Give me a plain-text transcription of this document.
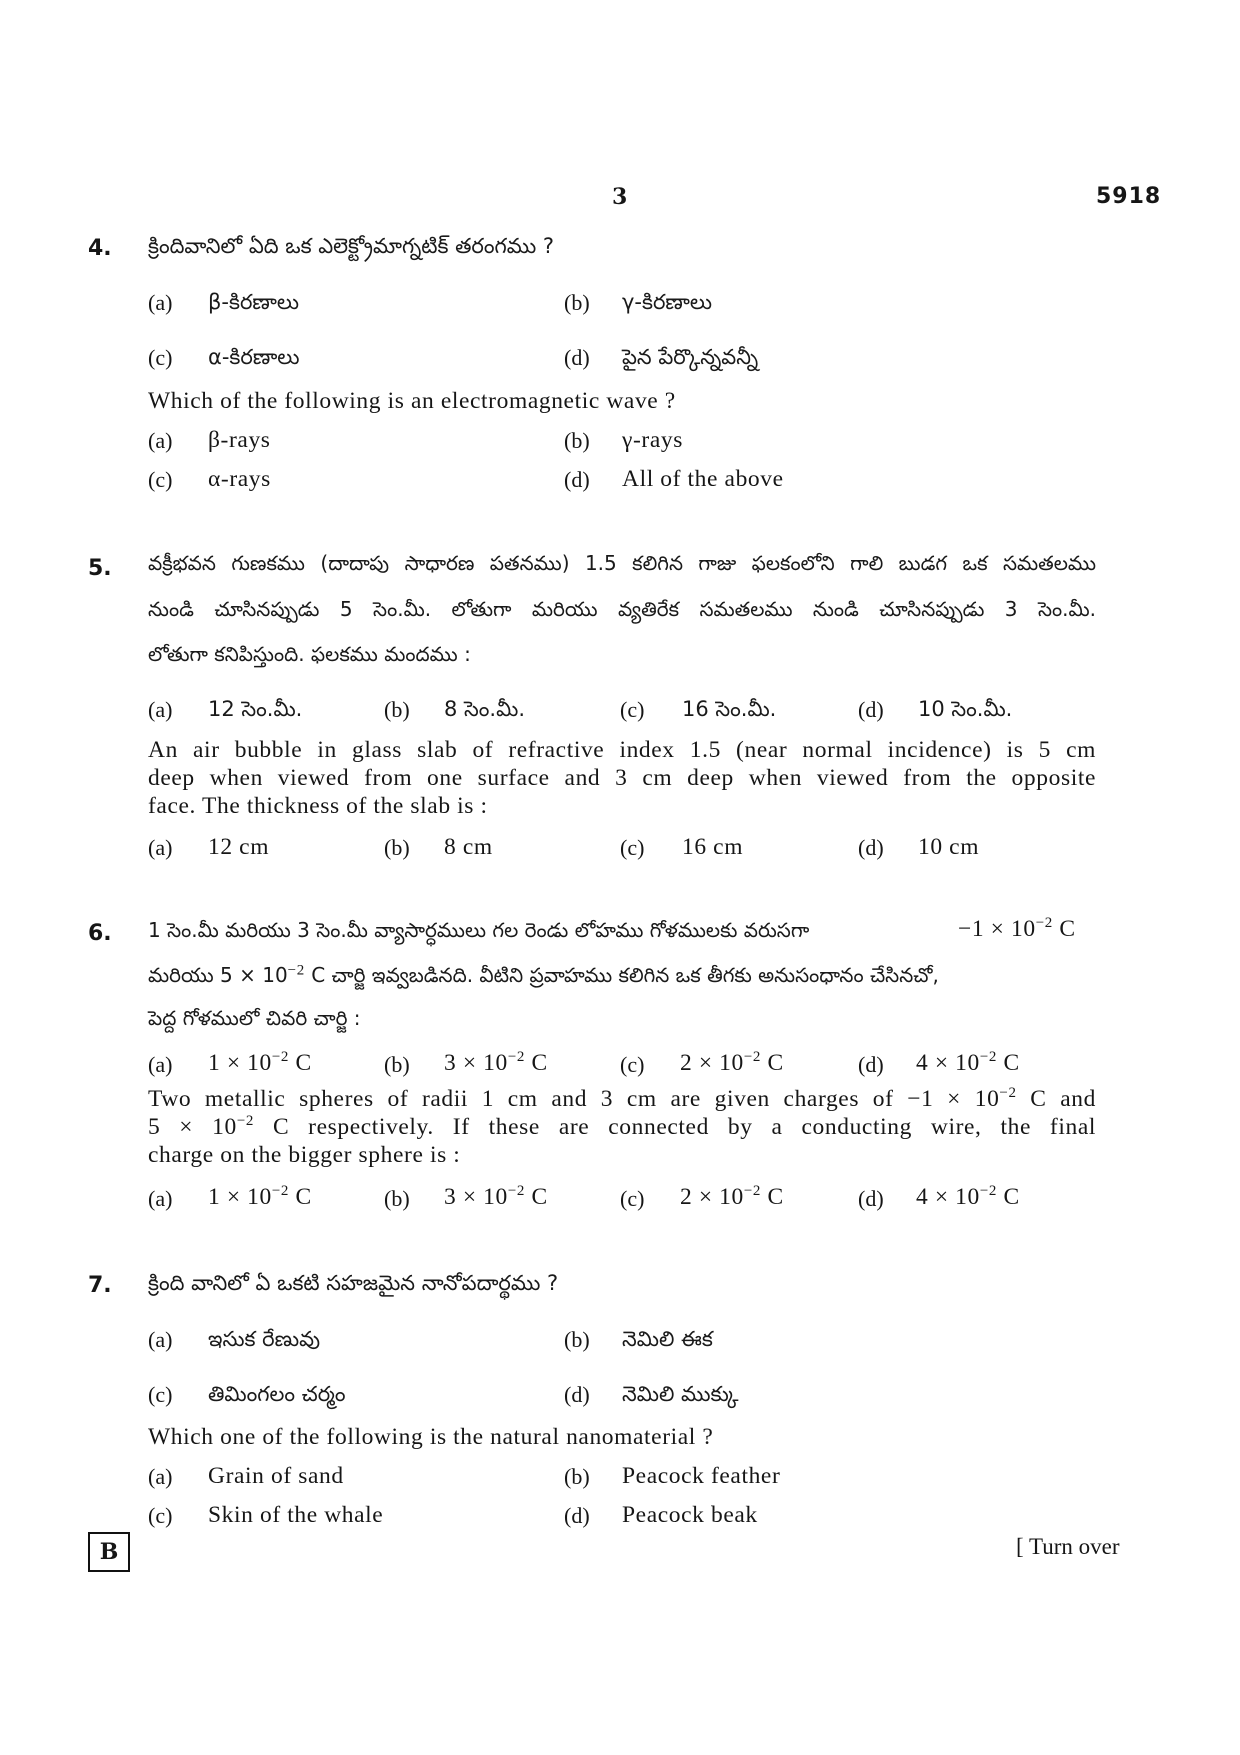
3	5918
4. క్రిందివానిలో ఏది ఒక ఎలెక్ట్రోమాగ్నటిక్ తరంగము ?
(a) β-కిరణాలు	(b) γ-కిరణాలు
(c) α-కిరణాలు	(d) పైన పేర్కొన్నవన్నీ
Which of the following is an electromagnetic wave ?
(a) β-rays	(b) γ-rays
(c) α-rays	(d) All of the above
5. వక్రీభవన గుణకము (దాదాపు సాధారణ పతనము) 1.5 కలిగిన గాజు ఫలకంలోని గాలి బుడగ ఒక సమతలము
నుండి చూసినప్పుడు 5 సెం.మీ. లోతుగా మరియు వ్యతిరేక సమతలము నుండి చూసినప్పుడు 3 సెం.మీ.
లోతుగా కనిపిస్తుంది. ఫలకము మందము :
(a) 12 సెం.మీ.	(b) 8 సెం.మీ.	(c) 16 సెం.మీ.	(d) 10 సెం.మీ.
An air bubble in glass slab of refractive index 1.5 (near normal incidence) is 5 cm
deep when viewed from one surface and 3 cm deep when viewed from the opposite
face. The thickness of the slab is :
(a) 12 cm	(b) 8 cm	(c) 16 cm	(d) 10 cm
6. 1 సెం.మీ మరియు 3 సెం.మీ వ్యాసార్ధములు గల రెండు లోహము గోళములకు వరుసగా	$-1 \times 10^{-2}$ C
మరియు $5 \times 10^{-2}$ C చార్జి ఇవ్వబడినది. వీటిని ప్రవాహము కలిగిన ఒక తీగకు అనుసంధానం చేసినచో,
పెద్ద గోళములో చివరి చార్జి :
(a) $1 \times 10^{-2}$ C	(b) $3 \times 10^{-2}$ C	(c) $2 \times 10^{-2}$ C	(d) $4 \times 10^{-2}$ C
Two metallic spheres of radii 1 cm and 3 cm are given charges of $-1 \times 10^{-2}$ C and
$5 \times 10^{-2}$ C respectively. If these are connected by a conducting wire, the final
charge on the bigger sphere is :
(a) $1 \times 10^{-2}$ C	(b) $3 \times 10^{-2}$ C	(c) $2 \times 10^{-2}$ C	(d) $4 \times 10^{-2}$ C
7. క్రింది వానిలో ఏ ఒకటి సహజమైన నానోపదార్థము ?
(a) ఇసుక రేణువు	(b) నెమిలి ఈక
(c) తిమింగలం చర్మం	(d) నెమిలి ముక్కు
Which one of the following is the natural nanomaterial ?
(a) Grain of sand	(b) Peacock feather
(c) Skin of the whale	(d) Peacock beak
B	[ Turn over
